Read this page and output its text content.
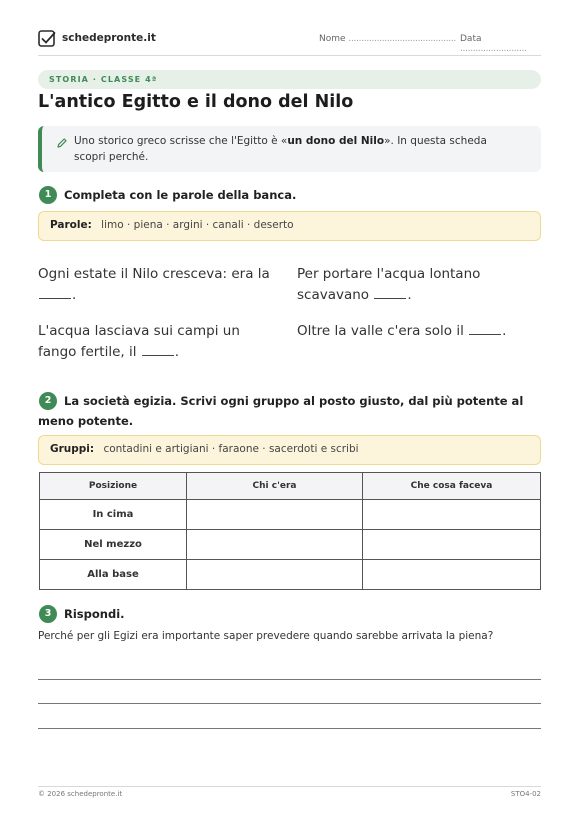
schedepronte.it	Nome .......................................... Data ..........................
STORIA · CLASSE 4ª
L'antico Egitto e il dono del Nilo
Uno storico greco scrisse che l'Egitto è «un dono del Nilo». In questa scheda scopri perché.
1	Completa con le parole della banca.
Parole: limo · piena · argini · canali · deserto
Ogni estate il Nilo cresceva: era la .
Per portare l'acqua lontano scavavano	.
L'acqua lasciava sui campi un fango fertile, il	.
Oltre la valle c'era solo il	.
2	La società egizia. Scrivi ogni gruppo al posto giusto, dal più potente al meno potente.
Gruppi: contadini e artigiani · faraone · sacerdoti e scribi
Posizione	Chi c'era	Che cosa faceva
In cima		
Nel mezzo		
Alla base		
3	Rispondi.
Perché per gli Egizi era importante saper prevedere quando sarebbe arrivata la piena?
© 2026 schedepronte.it	STO4-02
